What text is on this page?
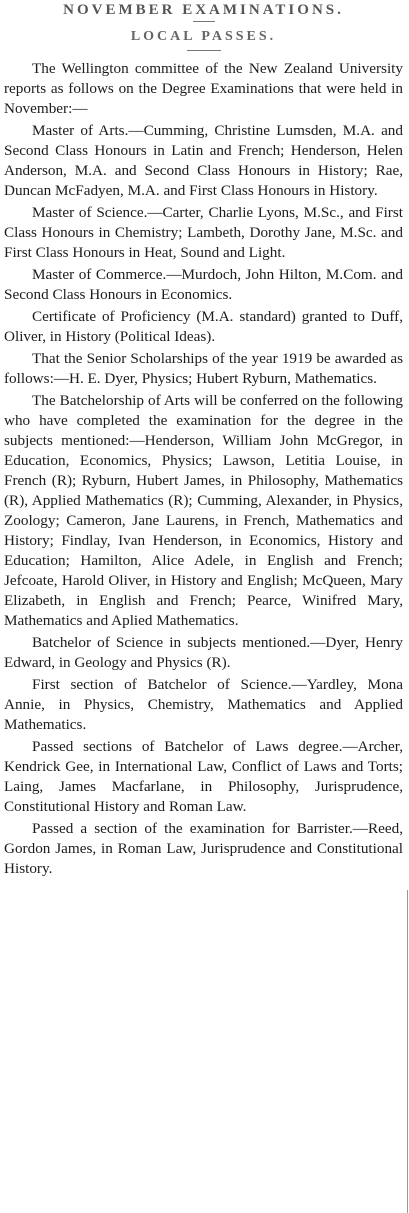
NOVEMBER EXAMINATIONS.
LOCAL PASSES.

The Wellington committee of the New Zealand University reports as follows on the Degree Examinations that were held in November:—

Master of Arts.—Cumming, Christine Lumsden, M.A. and Second Class Honours in Latin and French; Henderson, Helen Anderson, M.A. and Second Class Honours in History; Rae, Duncan McFadyen, M.A. and First Class Honours in History.

Master of Science.—Carter, Charlie Lyons, M.Sc., and First Class Honours in Chemistry; Lambeth, Dorothy Jane, M.Sc. and First Class Honours in Heat, Sound and Light.

Master of Commerce.—Murdoch, John Hilton, M.Com. and Second Class Honours in Economics.

Certificate of Proficiency (M.A. standard) granted to Duff, Oliver, in History (Political Ideas).

That the Senior Scholarships of the year 1919 be awarded as follows:—H. E. Dyer, Physics; Hubert Ryburn, Mathematics.

The Batchelorship of Arts will be conferred on the following who have completed the examination for the degree in the subjects mentioned:—Henderson, William John McGregor, in Education, Economics, Physics; Lawson, Letitia Louise, in French (R); Ryburn, Hubert James, in Philosophy, Mathematics (R), Applied Mathematics (R); Cumming, Alexander, in Physics, Zoology; Cameron, Jane Laurens, in French, Mathematics and History; Findlay, Ivan Henderson, in Economics, History and Education; Hamilton, Alice Adele, in English and French; Jefcoate, Harold Oliver, in History and English; McQueen, Mary Elizabeth, in English and French; Pearce, Winifred Mary, Mathematics and Aplied Mathematics.

Batchelor of Science in subjects mentioned.—Dyer, Henry Edward, in Geology and Physics (R).

First section of Batchelor of Science.—Yardley, Mona Annie, in Physics, Chemistry, Mathematics and Applied Mathematics.

Passed sections of Batchelor of Laws degree.—Archer, Kendrick Gee, in International Law, Conflict of Laws and Torts; Laing, James Macfarlane, in Philosophy, Jurisprudence, Constitutional History and Roman Law.

Passed a section of the examination for Barrister.—Reed, Gordon James, in Roman Law, Jurisprudence and Constitutional History.
